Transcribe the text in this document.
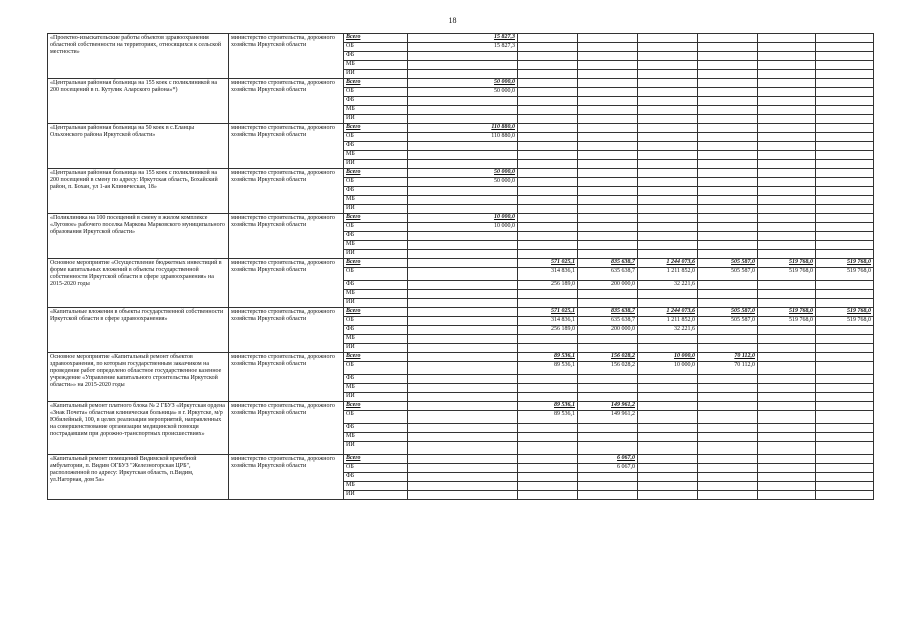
18
«Проектно-изыскательские работы объектов здравоохранения областной собственности на территориях, относящихся к сельской местности»	министерство строительства, дорожного хозяйства Иркутской области	Всего	15 827,3						
		ОБ	15 827,3						
		ФБ							
		МБ							
		ИИ							
«Центральная районная больница на 155 коек с поликлиникой на 200 посещений в п. Кутулик Аларского района»*)	министерство строительства, дорожного хозяйства Иркутской области	Всего	50 000,0						
		ОБ	50 000,0						
		ФБ							
		МБ							
		ИИ							
«Центральная районная больница на 50 коек в с.Еланцы Ольхонского района Иркутской области»	министерство строительства, дорожного хозяйства Иркутской области	Всего	110 880,0						
		ОБ	110 880,0						
		ФБ							
		МБ							
		ИИ							
«Центральная районная больница на 155 коек с поликлиникой на 200 посещений в смену по адресу: Иркутская область, Бохайский район, п. Бохан, ул 1-ая Клиническая, 18»	министерство строительства, дорожного хозяйства Иркутской области	Всего	50 000,0						
		ОБ	50 000,0						
		ФБ							
		МБ							
		ИИ							
«Поликлиника на 100 посещений в смену в жилом комплексе «Луговое» рабочего поселка Маркова Марковского муниципального образования Иркутской области»	министерство строительства, дорожного хозяйства Иркутской области	Всего	10 000,0						
		ОБ	10 000,0						
		ФБ							
		МБ							
		ИИ							
Основное мероприятие «Осуществление бюджетных инвестиций в форме капитальных вложений в объекты государственной собственности Иркутской области в сфере здравоохранения» на 2015-2020 годы	министерство строительства, дорожного хозяйства Иркутской области	Всего		571 025,1	835 638,7	1 244 073,6	505 587,0	519 768,0	519 768,0
		ОБ		314 836,1	635 638,7	1 211 852,0	505 587,0	519 768,0	519 768,0
		ФБ		256 189,0	200 000,0	32 221,6			
		МБ							
		ИИ							
«Капитальные вложения в объекты государственной собственности Иркутской области в сфере здравоохранения»	министерство строительства, дорожного хозяйства Иркутской области	Всего		571 025,1	835 638,7	1 244 073,6	505 587,0	519 768,0	519 768,0
		ОБ		314 836,1	635 638,7	1 211 852,0	505 587,0	519 768,0	519 768,0
		ФБ		256 189,0	200 000,0	32 221,6			
		МБ							
		ИИ							
Основное мероприятие «Капитальный ремонт объектов здравоохранения, по которым государственным заказчиком на проведение работ определено областное государственное казенное учреждение «Управление капитального строительства Иркутской области»» на 2015-2020 годы	министерство строительства, дорожного хозяйства Иркутской области	Всего		89 536,1	156 028,2	10 000,0	70 112,0		
		ОБ		89 536,1	156 028,2	10 000,0	70 112,0		
		ФБ							
		МБ							
		ИИ							
«Капитальный ремонт платного блока № 2 ГБУЗ «Иркутская ордена «Знак Почета» областная клиническая больница» в г. Иркутске, м/р Юбилейный, 100, в целях реализации мероприятий, направленных на совершенствование организации медицинской помощи пострадавшим при дорожно-транспортных происшествиях»	министерство строительства, дорожного хозяйства Иркутской области	Всего		89 536,1	149 961,2				
		ОБ		89 536,1	149 961,2				
		ФБ							
		МБ							
		ИИ							
«Капитальный ремонт помещений Видимской врачебной амбулатории, п. Видим ОГБУЗ "Железногорская ЦРБ", расположенной по адресу: Иркутская область, п.Видим, ул.Нагорная, дом 5а»	министерство строительства, дорожного хозяйства Иркутской области	Всего			6 067,0				
		ОБ			6 067,0				
		ФБ							
		МБ							
		ИИ							
